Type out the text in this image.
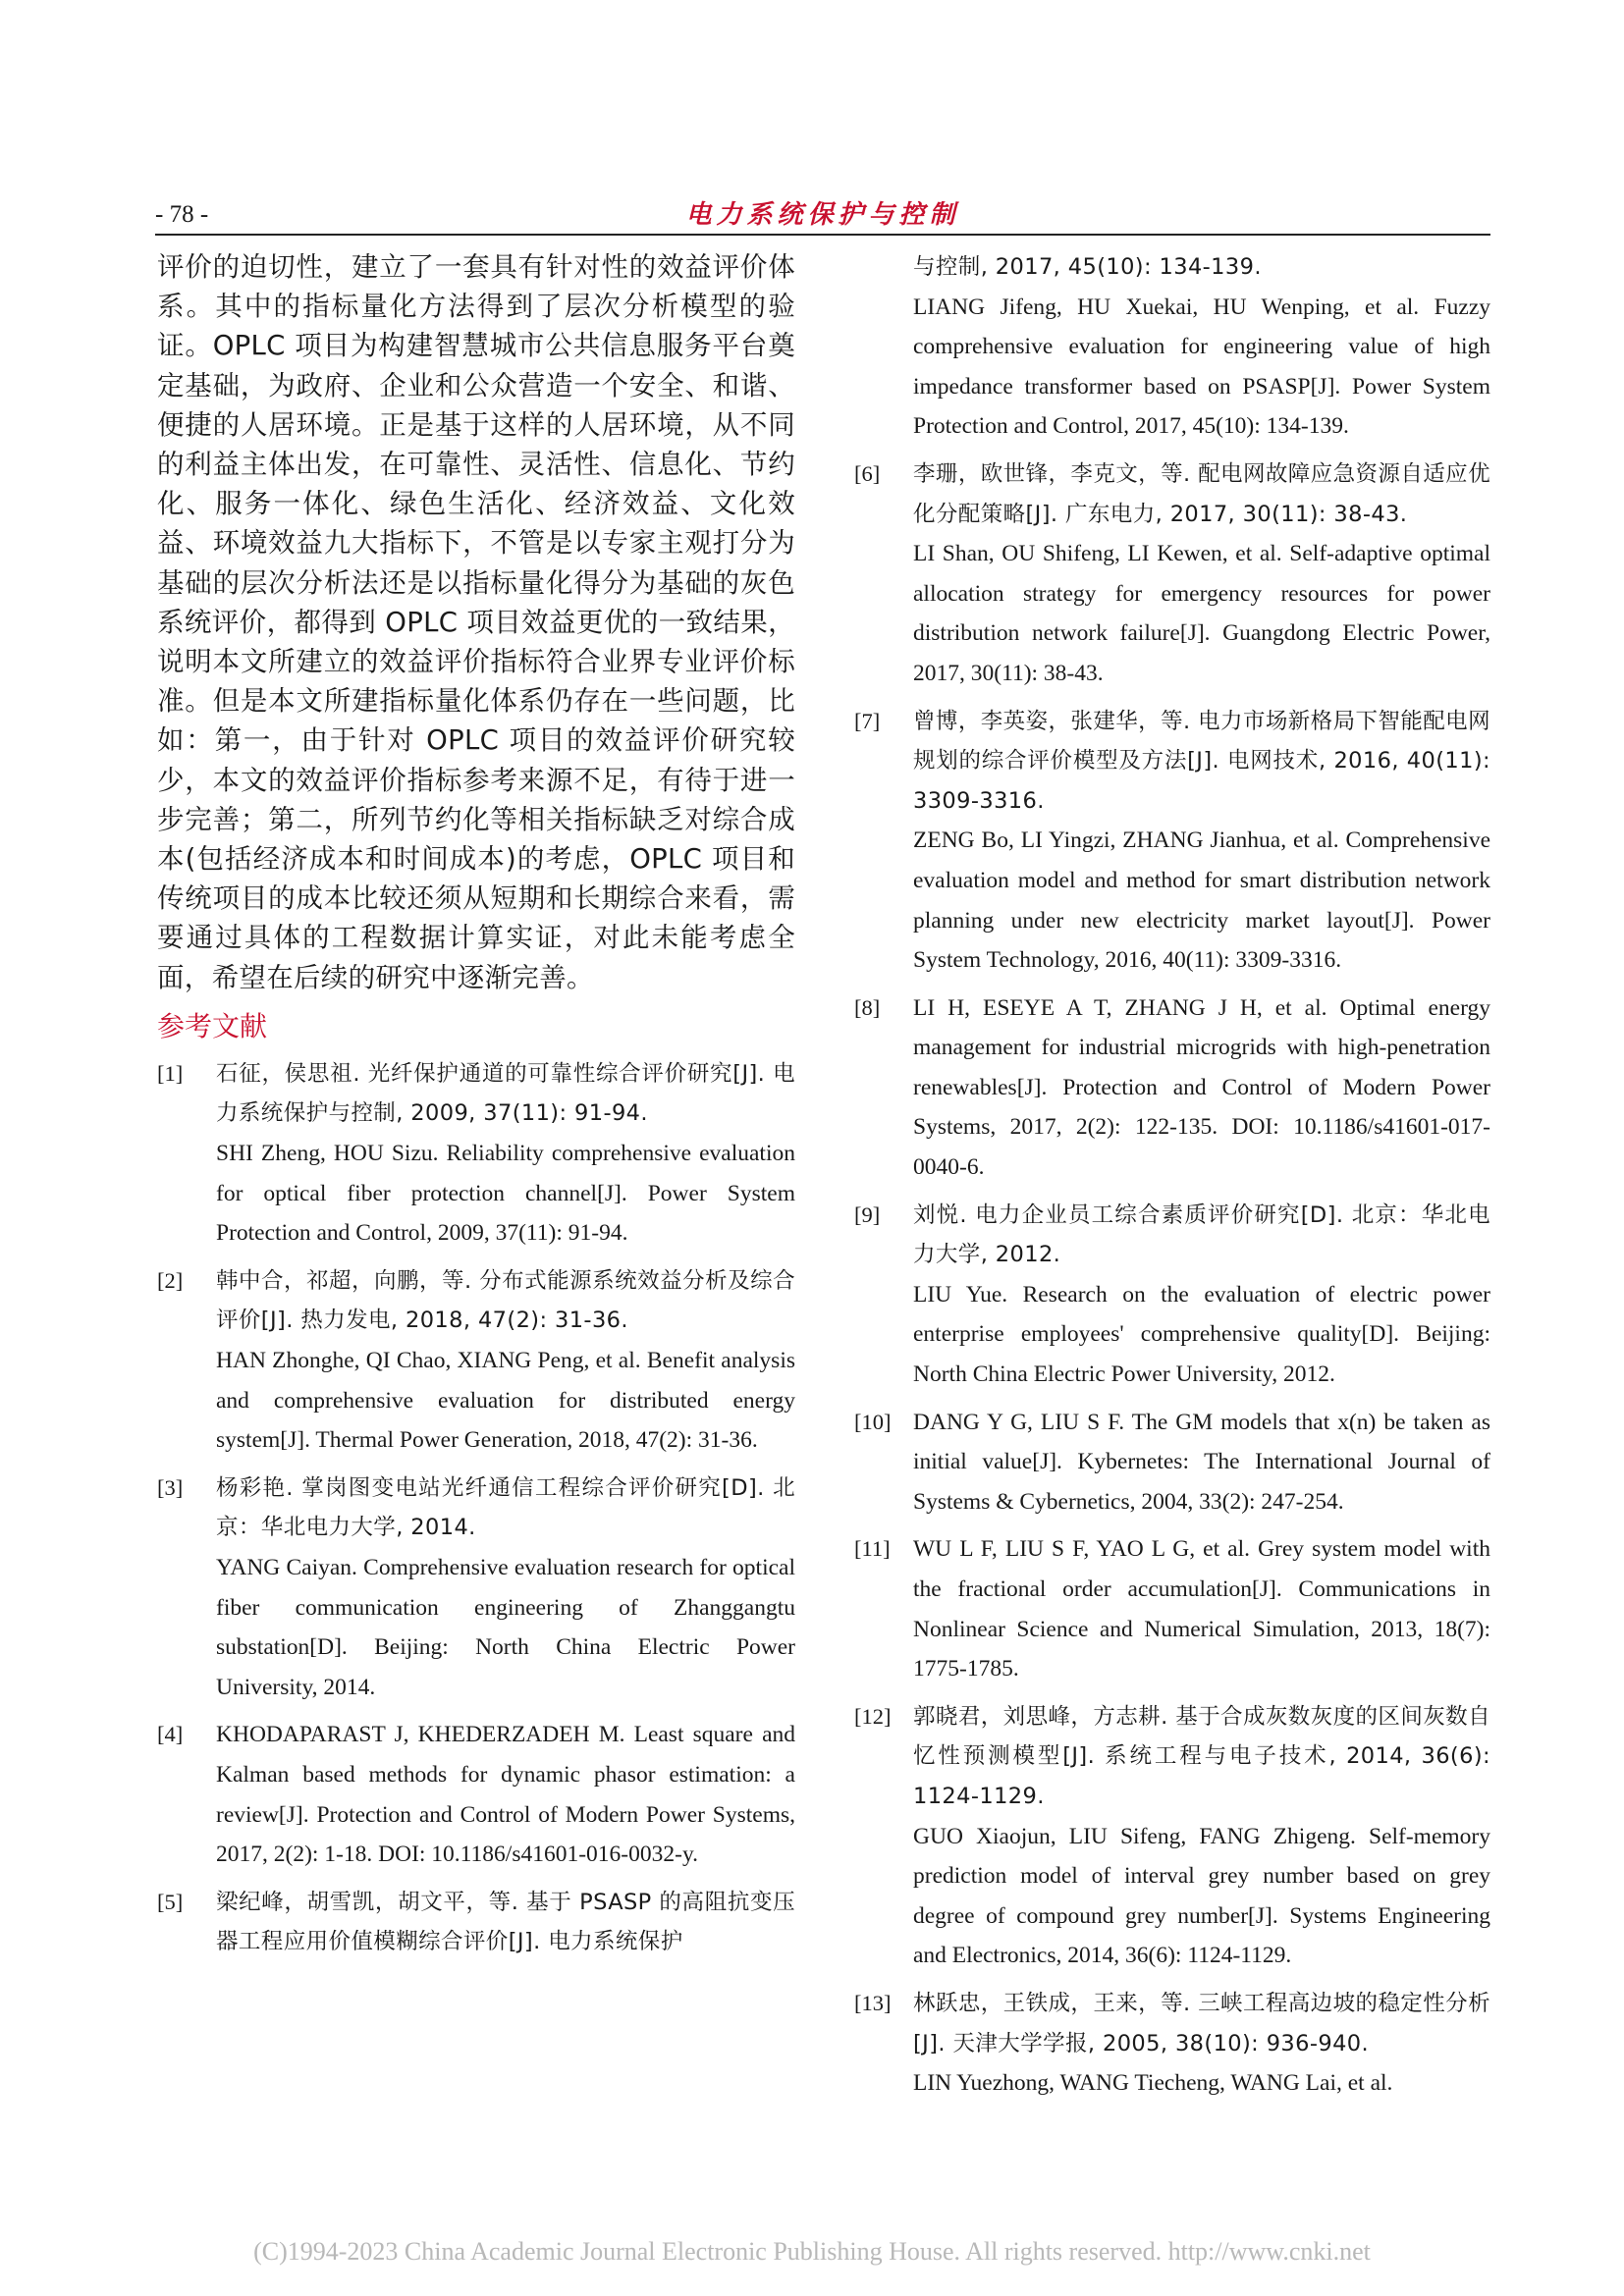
- 78 -	电力系统保护与控制

评价的迫切性，建立了一套具有针对性的效益评价体系。其中的指标量化方法得到了层次分析模型的验证。OPLC 项目为构建智慧城市公共信息服务平台奠定基础，为政府、企业和公众营造一个安全、和谐、便捷的人居环境。正是基于这样的人居环境，从不同的利益主体出发，在可靠性、灵活性、信息化、节约化、服务一体化、绿色生活化、经济效益、文化效益、环境效益九大指标下，不管是以专家主观打分为基础的层次分析法还是以指标量化得分为基础的灰色系统评价，都得到 OPLC 项目效益更优的一致结果，说明本文所建立的效益评价指标符合业界专业评价标准。但是本文所建指标量化体系仍存在一些问题，比如：第一，由于针对 OPLC 项目的效益评价研究较少，本文的效益评价指标参考来源不足，有待于进一步完善；第二，所列节约化等相关指标缺乏对综合成本(包括经济成本和时间成本)的考虑，OPLC 项目和传统项目的成本比较还须从短期和长期综合来看，需要通过具体的工程数据计算实证，对此未能考虑全面，希望在后续的研究中逐渐完善。

参考文献
[1]	石征，侯思祖. 光纤保护通道的可靠性综合评价研究[J]. 电力系统保护与控制, 2009, 37(11): 91-94.
SHI Zheng, HOU Sizu. Reliability comprehensive evaluation for optical fiber protection channel[J]. Power System Protection and Control, 2009, 37(11): 91-94.
[2]	韩中合，祁超，向鹏，等. 分布式能源系统效益分析及综合评价[J]. 热力发电, 2018, 47(2): 31-36.
HAN Zhonghe, QI Chao, XIANG Peng, et al. Benefit analysis and comprehensive evaluation for distributed energy system[J]. Thermal Power Generation, 2018, 47(2): 31-36.
[3]	杨彩艳. 掌岗图变电站光纤通信工程综合评价研究[D]. 北京：华北电力大学, 2014.
YANG Caiyan. Comprehensive evaluation research for optical fiber communication engineering of Zhanggangtu substation[D]. Beijing: North China Electric Power University, 2014.
[4]	KHODAPARAST J, KHEDERZADEH M. Least square and Kalman based methods for dynamic phasor estimation: a review[J]. Protection and Control of Modern Power Systems, 2017, 2(2): 1-18. DOI: 10.1186/s41601-016-0032-y.
[5]	梁纪峰，胡雪凯，胡文平，等. 基于 PSASP 的高阻抗变压器工程应用价值模糊综合评价[J]. 电力系统保护
与控制, 2017, 45(10): 134-139.
LIANG Jifeng, HU Xuekai, HU Wenping, et al. Fuzzy comprehensive evaluation for engineering value of high impedance transformer based on PSASP[J]. Power System Protection and Control, 2017, 45(10): 134-139.
[6]	李珊，欧世锋，李克文，等. 配电网故障应急资源自适应优化分配策略[J]. 广东电力, 2017, 30(11): 38-43.
LI Shan, OU Shifeng, LI Kewen, et al. Self-adaptive optimal allocation strategy for emergency resources for power distribution network failure[J]. Guangdong Electric Power, 2017, 30(11): 38-43.
[7]	曾博，李英姿，张建华，等. 电力市场新格局下智能配电网规划的综合评价模型及方法[J]. 电网技术, 2016, 40(11): 3309-3316.
ZENG Bo, LI Yingzi, ZHANG Jianhua, et al. Comprehensive evaluation model and method for smart distribution network planning under new electricity market layout[J]. Power System Technology, 2016, 40(11): 3309-3316.
[8]	LI H, ESEYE A T, ZHANG J H, et al. Optimal energy management for industrial microgrids with high-penetration renewables[J]. Protection and Control of Modern Power Systems, 2017, 2(2): 122-135. DOI: 10.1186/s41601-017-0040-6.
[9]	刘悦. 电力企业员工综合素质评价研究[D]. 北京：华北电力大学, 2012.
LIU Yue. Research on the evaluation of electric power enterprise employees' comprehensive quality[D]. Beijing: North China Electric Power University, 2012.
[10] DANG Y G, LIU S F. The GM models that x(n) be taken as initial value[J]. Kybernetes: The International Journal of Systems & Cybernetics, 2004, 33(2): 247-254.
[11] WU L F, LIU S F, YAO L G, et al. Grey system model with the fractional order accumulation[J]. Communications in Nonlinear Science and Numerical Simulation, 2013, 18(7): 1775-1785.
[12]	郭晓君，刘思峰，方志耕. 基于合成灰数灰度的区间灰数自忆性预测模型[J]. 系统工程与电子技术, 2014, 36(6): 1124-1129.
GUO Xiaojun, LIU Sifeng, FANG Zhigeng. Self-memory prediction model of interval grey number based on grey degree of compound grey number[J]. Systems Engineering and Electronics, 2014, 36(6): 1124-1129.
[13]	林跃忠，王铁成，王来，等. 三峡工程高边坡的稳定性分析[J]. 天津大学学报, 2005, 38(10): 936-940.
LIN Yuezhong, WANG Tiecheng, WANG Lai, et al.
(C)1994-2023 China Academic Journal Electronic Publishing House. All rights reserved. http://www.cnki.net
